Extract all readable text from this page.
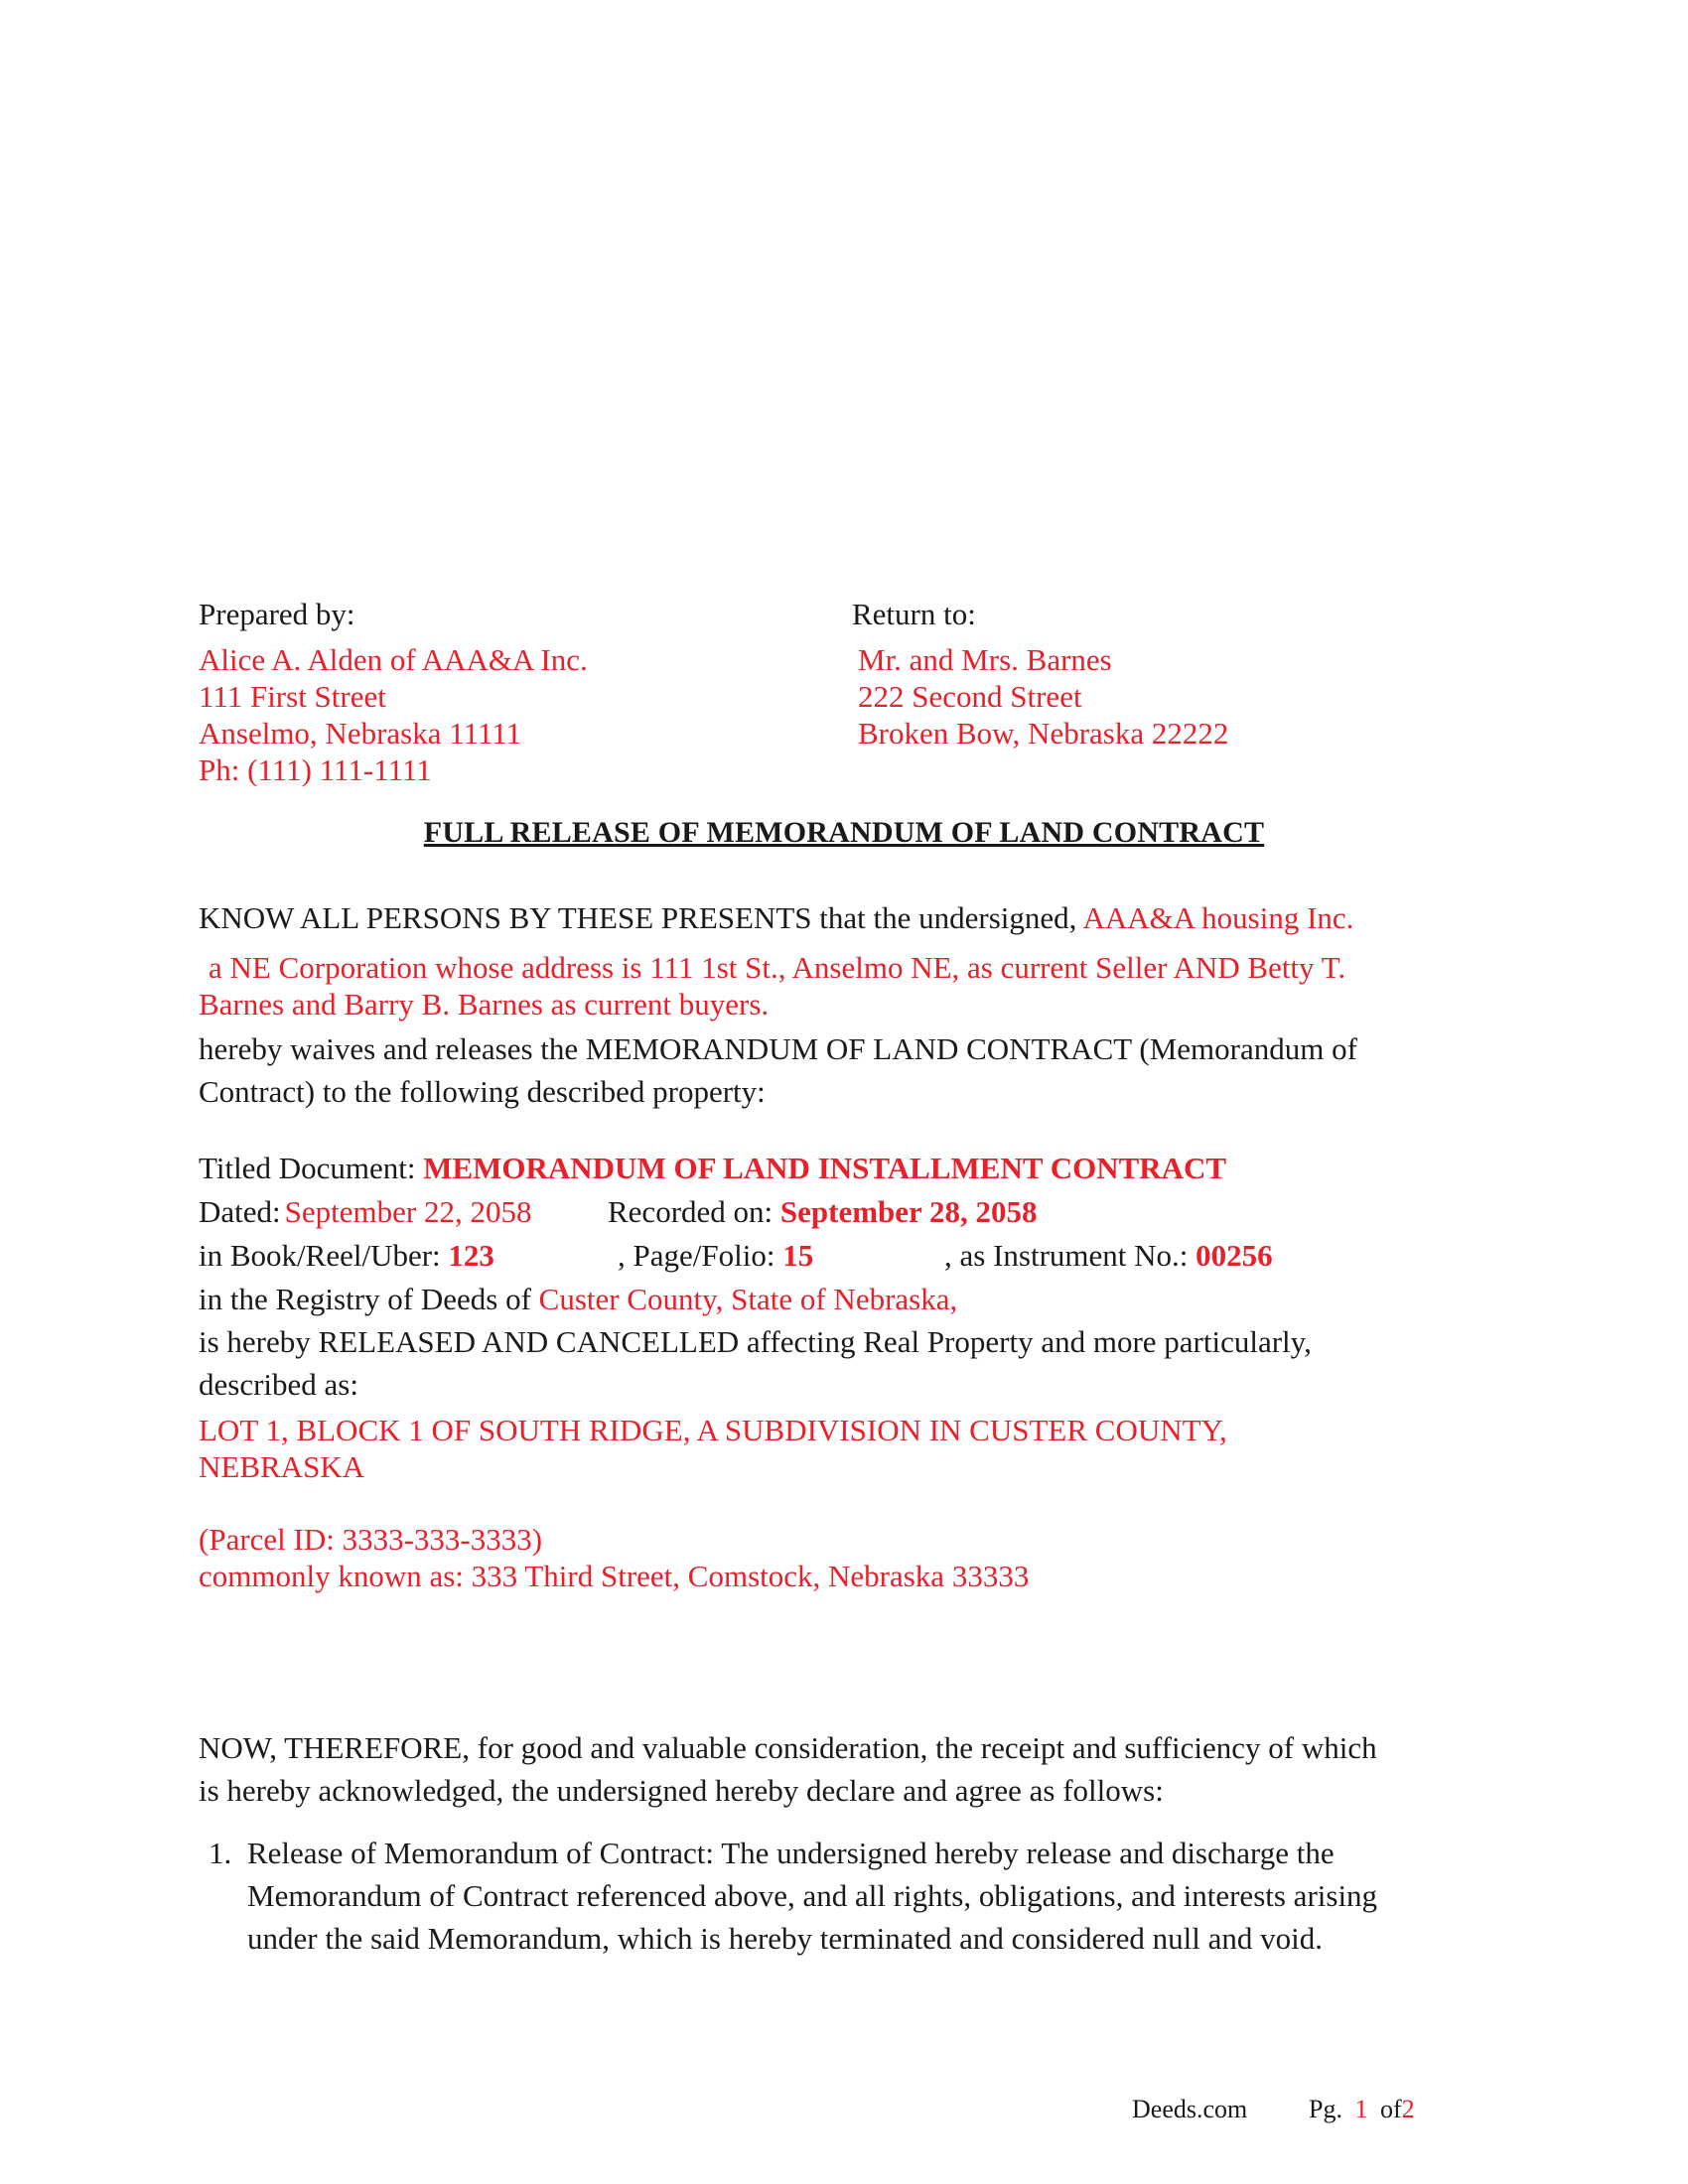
Prepared by:
Alice A. Alden of AAA&A Inc.
111 First Street
Anselmo, Nebraska 11111
Ph: (111) 111-1111
Return to:
Mr. and Mrs. Barnes
222 Second Street
Broken Bow, Nebraska 22222
FULL RELEASE OF MEMORANDUM OF LAND CONTRACT
KNOW ALL PERSONS BY THESE PRESENTS that the undersigned, AAA&A housing Inc.
a NE Corporation whose address is 111 1st St., Anselmo NE, as current Seller AND Betty T.
Barnes and Barry B. Barnes as current buyers.
hereby waives and releases the MEMORANDUM OF LAND CONTRACT (Memorandum of
Contract) to the following described property:
Titled Document: MEMORANDUM OF LAND INSTALLMENT CONTRACT
Dated: September 22, 2058 Recorded on: September 28, 2058
in Book/Reel/Uber: 123	, Page/Folio: 15	, as Instrument No.: 00256
in the Registry of Deeds of Custer County, State of Nebraska,
is hereby RELEASED AND CANCELLED affecting Real Property and more particularly,
described as:
LOT 1, BLOCK 1 OF SOUTH RIDGE, A SUBDIVISION IN CUSTER COUNTY,
NEBRASKA
(Parcel ID: 3333-333-3333)
commonly known as: 333 Third Street, Comstock, Nebraska 33333
NOW, THEREFORE, for good and valuable consideration, the receipt and sufficiency of which
is hereby acknowledged, the undersigned hereby declare and agree as follows:
1. Release of Memorandum of Contract: The undersigned hereby release and discharge the
Memorandum of Contract referenced above, and all rights, obligations, and interests arising
under the said Memorandum, which is hereby terminated and considered null and void.
Deeds.com Pg. 1 of2
